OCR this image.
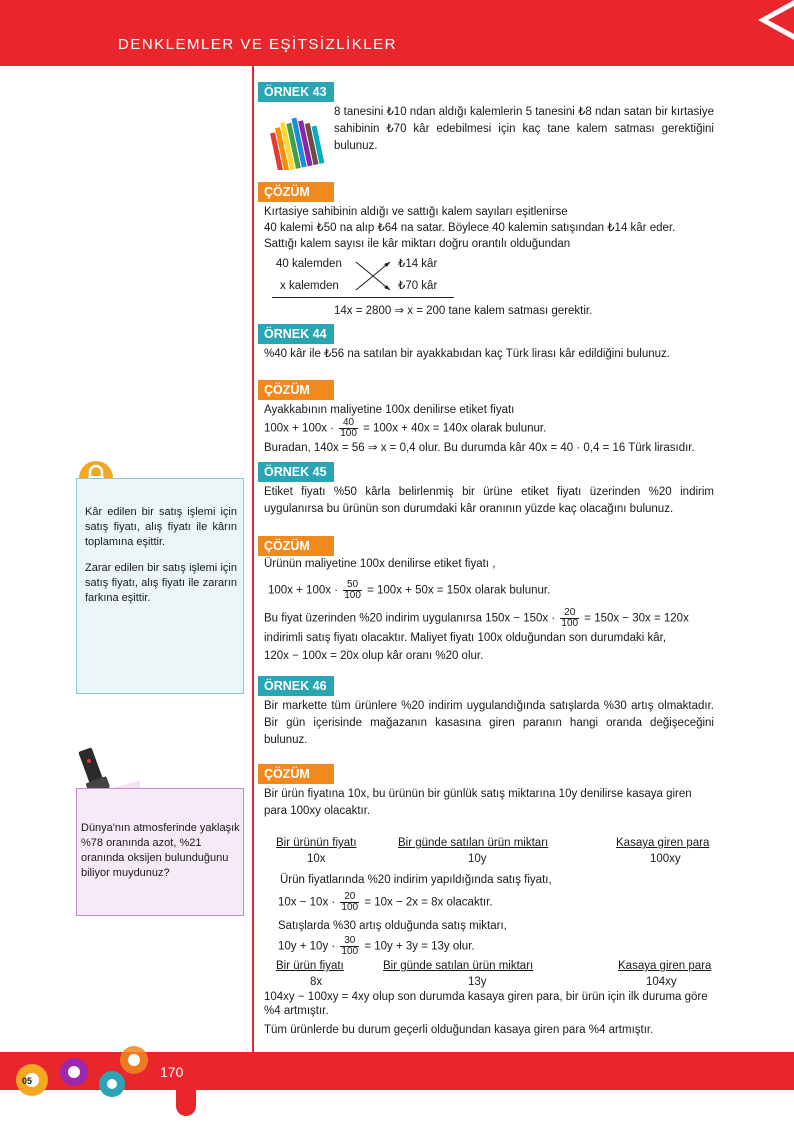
DENKLEMLER VE EŞİTSİZLİKLER
ÖRNEK 43
8 tanesini ₺10 ndan aldığı kalemlerin 5 tanesini ₺8 ndan satan bir kırtasiye sahibinin ₺70 kâr edebilmesi için kaç tane kalem satması gerektiğini bulunuz.
ÇÖZÜM
Kırtasiye sahibinin aldığı ve sattığı kalem sayıları eşitlenirse
40 kalemi ₺50 na alıp ₺64 na satar. Böylece 40 kalemin satışından ₺14 kâr eder.
Sattığı kalem sayısı ile kâr miktarı doğru orantılı olduğundan
40 kalemden	₺14 kâr
x kalemden	₺70 kâr
14x = 2800 ⇒ x = 200 tane kalem satması gerektir.
ÖRNEK 44
%40 kâr ile ₺56 na satılan bir ayakkabıdan kaç Türk lirası kâr edildiğini bulunuz.
ÇÖZÜM
Ayakkabının maliyetine 100x denilirse etiket fiyatı
$100x + 100x \cdot \frac{40}{100} = 100x + 40x = 140x$ olarak bulunur.
Buradan, 140x = 56 ⇒ x = 0,4 olur. Bu durumda kâr 40x = 40 · 0,4 = 16 Türk lirasıdır.
ÖRNEK 45
Etiket fiyatı %50 kârla belirlenmiş bir ürüne etiket fiyatı üzerinden %20 indirim uygulanırsa bu ürünün son durumdaki kâr oranının yüzde kaç olacağını bulunuz.
ÇÖZÜM
Ürünün maliyetine 100x denilirse etiket fiyatı ,
$100x + 100x \cdot \frac{50}{100} = 100x + 50x = 150x$ olarak bulunur.
Bu fiyat üzerinden %20 indirim uygulanırsa $150x - 150x \cdot \frac{20}{100} = 150x - 30x = 120x$
indirimli satış fiyatı olacaktır. Maliyet fiyatı 100x olduğundan son durumdaki kâr,
120x − 100x = 20x olup kâr oranı %20 olur.
ÖRNEK 46
Bir markette tüm ürünlere %20 indirim uygulandığında satışlarda %30 artış olmaktadır. Bir gün içerisinde mağazanın kasasına giren paranın hangi oranda değişeceğini bulunuz.
ÇÖZÜM
Bir ürün fiyatına 10x, bu ürünün bir günlük satış miktarına 10y denilirse kasaya giren para 100xy olacaktır.
Bir ürünün fiyatı	Bir günde satılan ürün miktarı	Kasaya giren para
10x	10y	100xy
Ürün fiyatlarında %20 indirim yapıldığında satış fiyatı,
$10x - 10x \cdot \frac{20}{100} = 10x - 2x = 8x$ olacaktır.
Satışlarda %30 artış olduğunda satış miktarı,
$10y + 10y \cdot \frac{30}{100} = 10y + 3y = 13y$ olur.
Bir ürün fiyatı	Bir günde satılan ürün miktarı	Kasaya giren para
8x	13y	104xy
104xy − 100xy = 4xy olup son durumda kasaya giren para, bir ürün için ilk duruma göre %4 artmıştır.
Tüm ürünlerde bu durum geçerli olduğundan kasaya giren para %4 artmıştır.
Kâr edilen bir satış işlemi için satış fiyatı, alış fiyatı ile kârın toplamına eşittir.
Zarar edilen bir satış işlemi için satış fiyatı, alış fiyatı ile zararın farkına eşittir.
Dünya'nın atmosferinde yaklaşık %78 oranında azot, %21 oranında oksijen bulunduğunu biliyor muydunuz?
05
170
